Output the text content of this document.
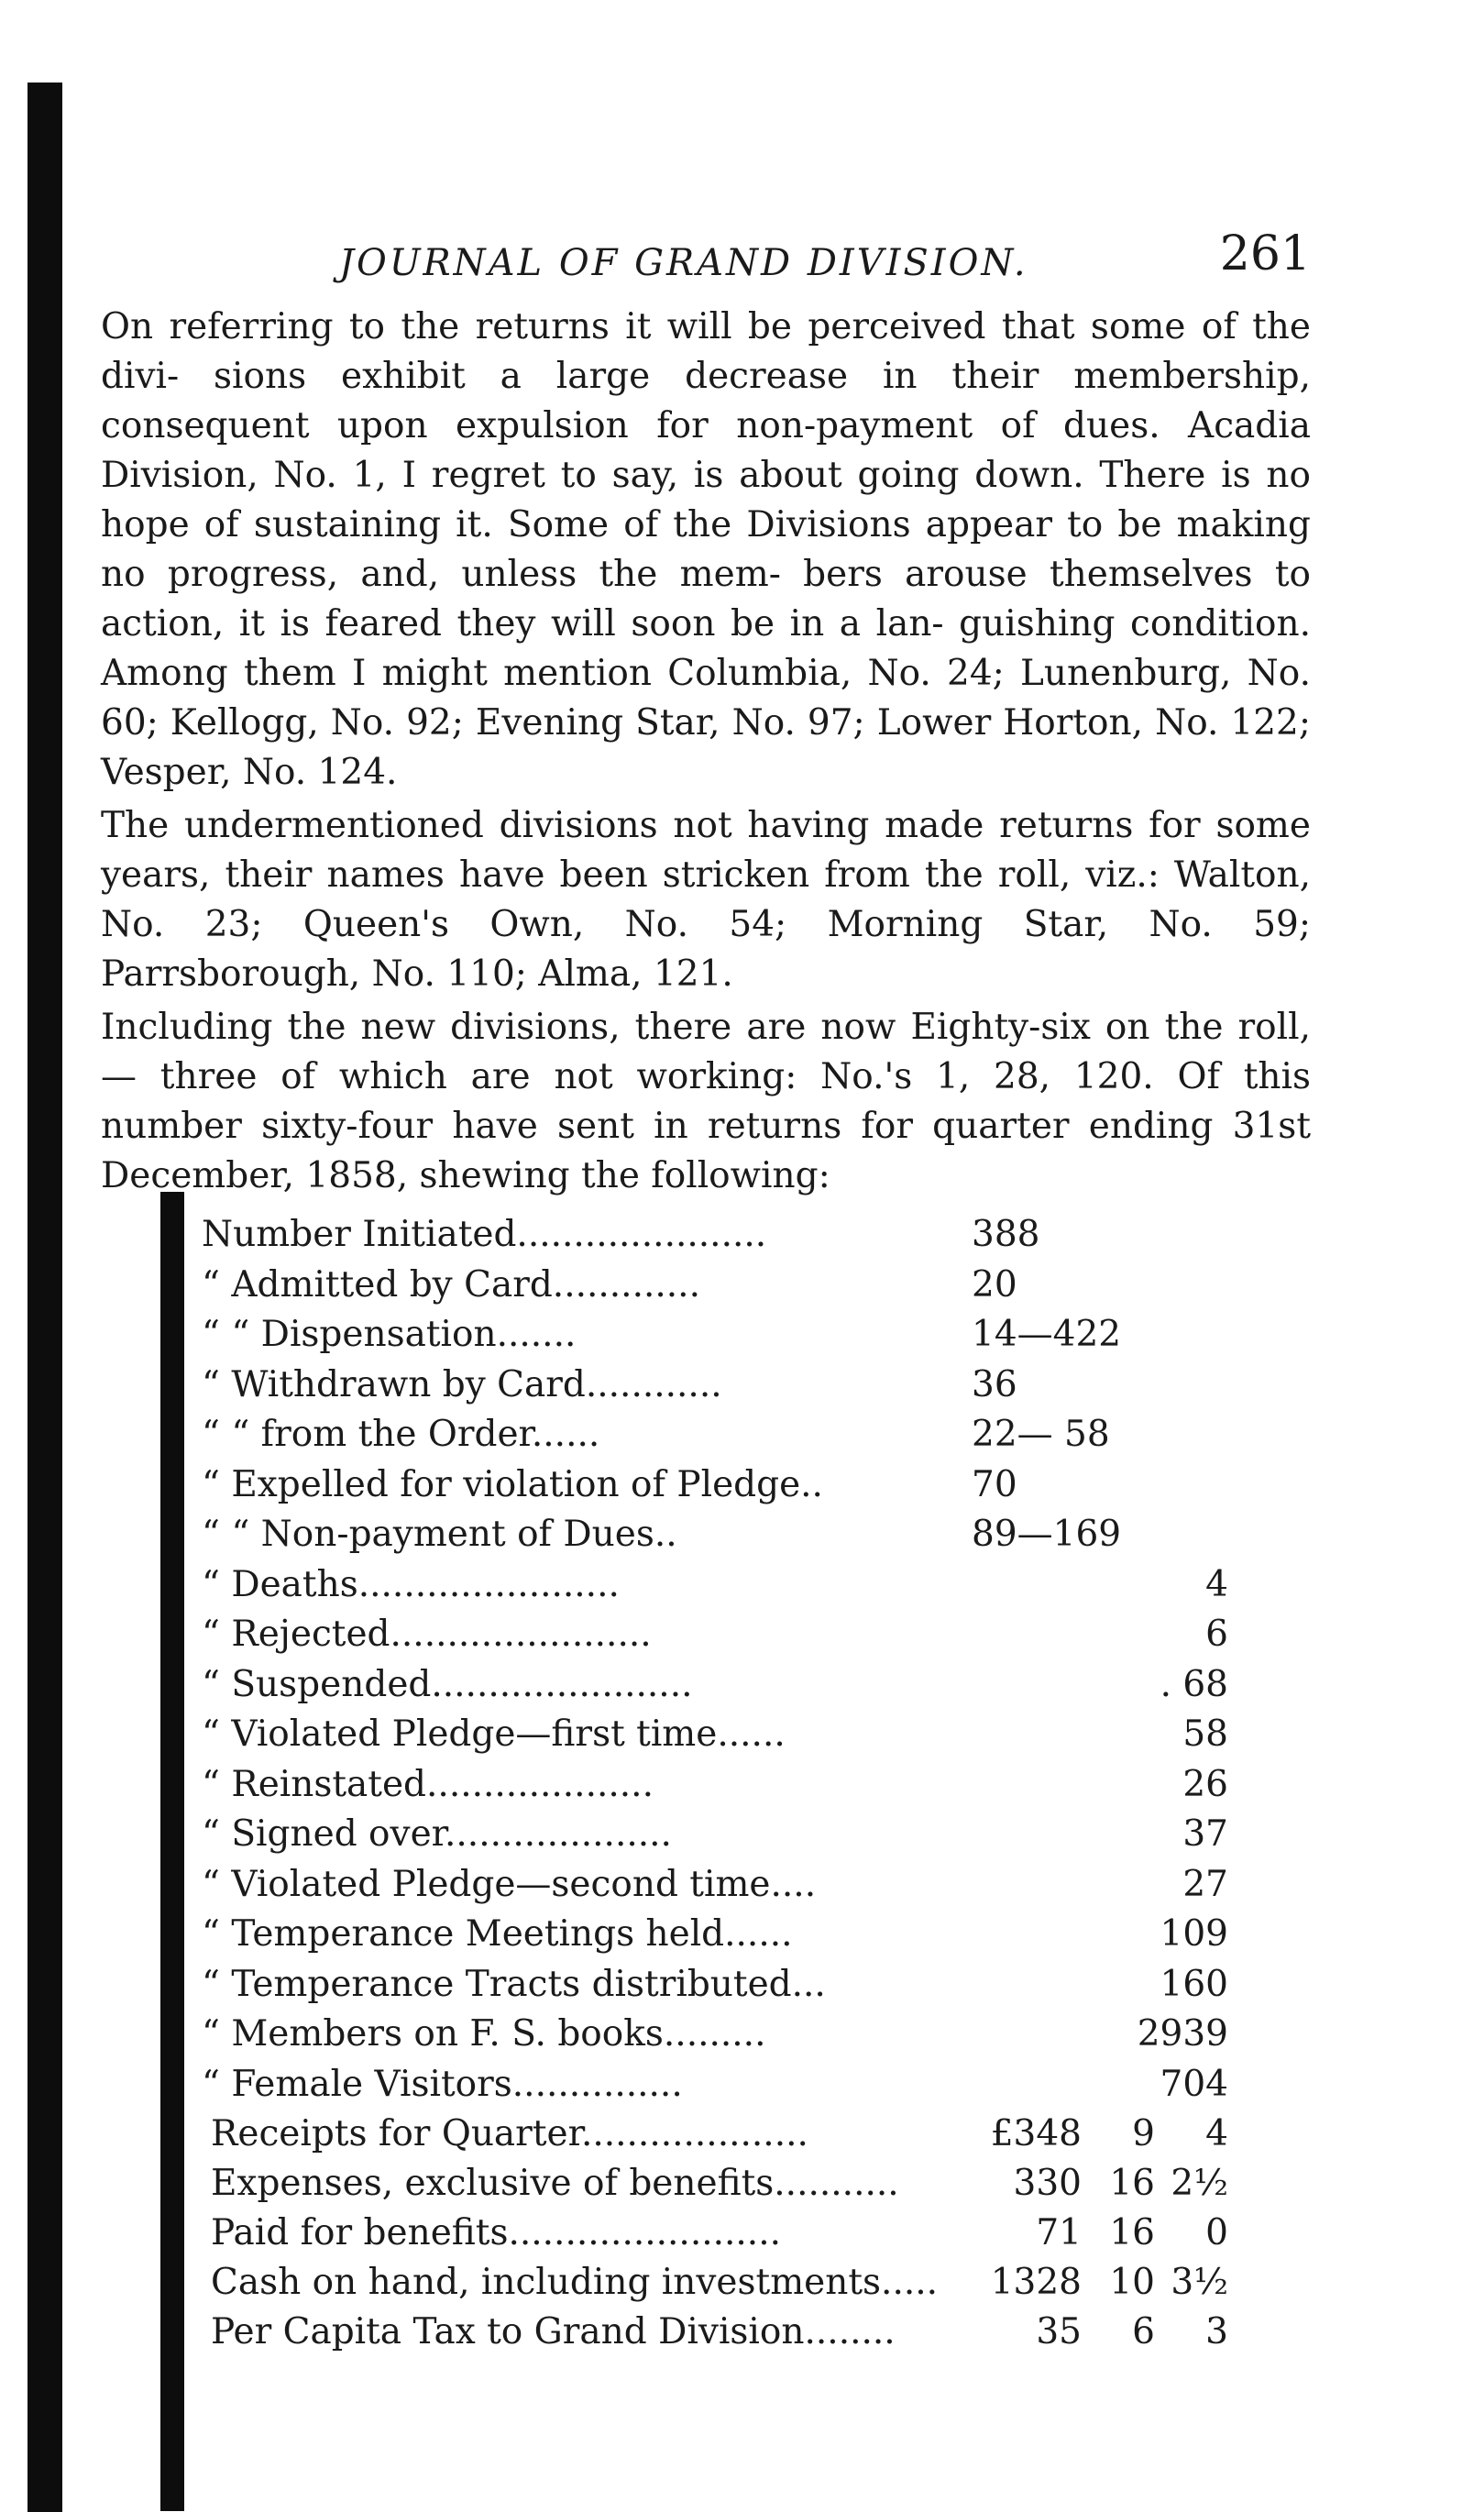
JOURNAL OF GRAND DIVISION.	261

On referring to the returns it will be perceived that some of the divi- sions exhibit a large decrease in their membership, consequent upon expulsion for non-payment of dues. Acadia Division, No. 1, I regret to say, is about going down. There is no hope of sustaining it. Some of the Divisions appear to be making no progress, and, unless the mem- bers arouse themselves to action, it is feared they will soon be in a lan- guishing condition. Among them I might mention Columbia, No. 24; Lunenburg, No. 60; Kellogg, No. 92; Evening Star, No. 97; Lower Horton, No. 122; Vesper, No. 124.

The undermentioned divisions not having made returns for some years, their names have been stricken from the roll, viz.: Walton, No. 23; Queen's Own, No. 54; Morning Star, No. 59; Parrsborough, No. 110; Alma, 121.

Including the new divisions, there are now Eighty-six on the roll,— three of which are not working: No.'s 1, 28, 120. Of this number sixty-four have sent in returns for quarter ending 31st December, 1858, shewing the following:

Number Initiated......................	388
“ Admitted by Card.............	20
“ “ Dispensation.......	14—422
“ Withdrawn by Card............	36
“ “ from the Order......	22— 58
“ Expelled for violation of Pledge..	70
“ “ Non-payment of Dues..	89—169
“ Deaths.......................	4
“ Rejected.......................	6
“ Suspended.......................	. 68
“ Violated Pledge—first time......	58
“ Reinstated....................	26
“ Signed over....................	37
“ Violated Pledge—second time....	27
“ Temperance Meetings held......	109
“ Temperance Tracts distributed...	160
“ Members on F. S. books.........	2939
“ Female Visitors...............	704
Receipts for Quarter....................	£348	9	4
Expenses, exclusive of benefits...........	330 16 2½
Paid for benefits........................	71 16	0
Cash on hand, including investments.....	1328 10 3½
Per Capita Tax to Grand Division........	35	6	3
